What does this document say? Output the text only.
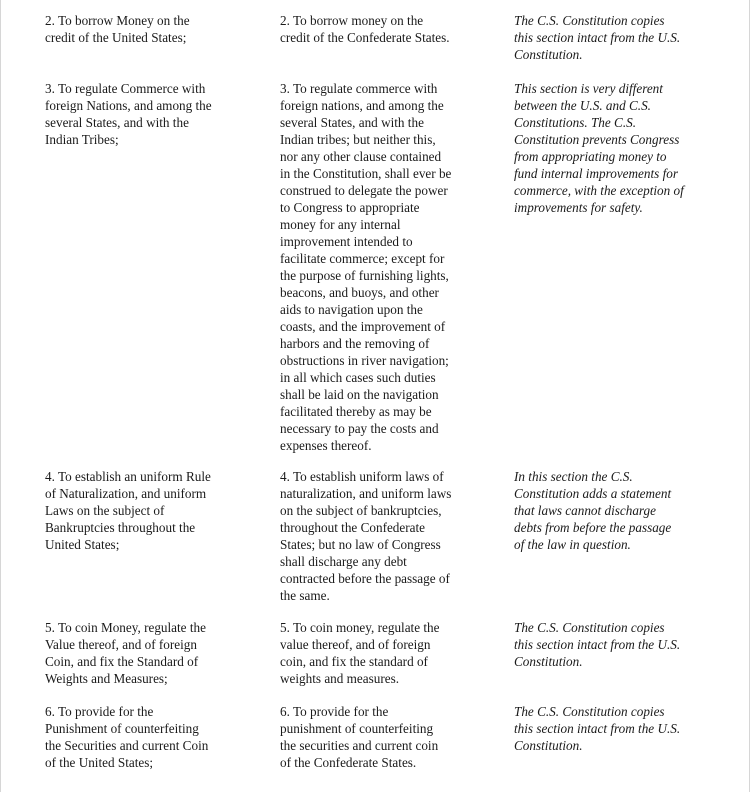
2. To borrow Money on the
credit of the United States;
2. To borrow money on the
credit of the Confederate States.
The C.S. Constitution copies
this section intact from the U.S.
Constitution.
3. To regulate Commerce with
foreign Nations, and among the
several States, and with the
Indian Tribes;
3. To regulate commerce with
foreign nations, and among the
several States, and with the
Indian tribes; but neither this,
nor any other clause contained
in the Constitution, shall ever be
construed to delegate the power
to Congress to appropriate
money for any internal
improvement intended to
facilitate commerce; except for
the purpose of furnishing lights,
beacons, and buoys, and other
aids to navigation upon the
coasts, and the improvement of
harbors and the removing of
obstructions in river navigation;
in all which cases such duties
shall be laid on the navigation
facilitated thereby as may be
necessary to pay the costs and
expenses thereof.
This section is very different
between the U.S. and C.S.
Constitutions. The C.S.
Constitution prevents Congress
from appropriating money to
fund internal improvements for
commerce, with the exception of
improvements for safety.
4. To establish an uniform Rule
of Naturalization, and uniform
Laws on the subject of
Bankruptcies throughout the
United States;
4. To establish uniform laws of
naturalization, and uniform laws
on the subject of bankruptcies,
throughout the Confederate
States; but no law of Congress
shall discharge any debt
contracted before the passage of
the same.
In this section the C.S.
Constitution adds a statement
that laws cannot discharge
debts from before the passage
of the law in question.
5. To coin Money, regulate the
Value thereof, and of foreign
Coin, and fix the Standard of
Weights and Measures;
5. To coin money, regulate the
value thereof, and of foreign
coin, and fix the standard of
weights and measures.
The C.S. Constitution copies
this section intact from the U.S.
Constitution.
6. To provide for the
Punishment of counterfeiting
the Securities and current Coin
of the United States;
6. To provide for the
punishment of counterfeiting
the securities and current coin
of the Confederate States.
The C.S. Constitution copies
this section intact from the U.S.
Constitution.
